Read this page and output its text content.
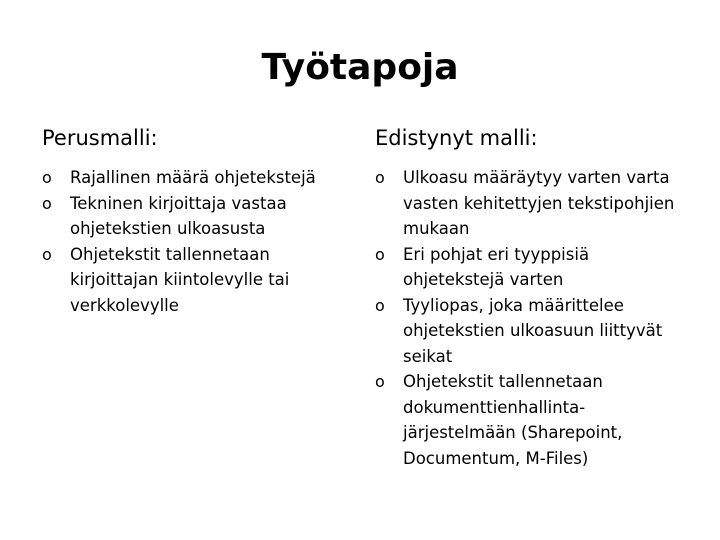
Työtapoja
Perusmalli:
o Rajallinen määrä ohjetekstejä
o Tekninen kirjoittaja vastaa ohjetekstien ulkoasusta
o Ohjetekstit tallennetaan kirjoittajan kiintolevylle tai verkkolevylle
Edistynyt malli:
o Ulkoasu määräytyy varten varta vasten kehitettyjen tekstipohjien mukaan
o Eri pohjat eri tyyppisiä ohjetekstejä varten
o Tyyliopas, joka määrittelee ohjetekstien ulkoasuun liittyvät seikat
o Ohjetekstit tallennetaan dokumenttienhallinta-järjestelmään (Sharepoint, Documentum, M-Files)
